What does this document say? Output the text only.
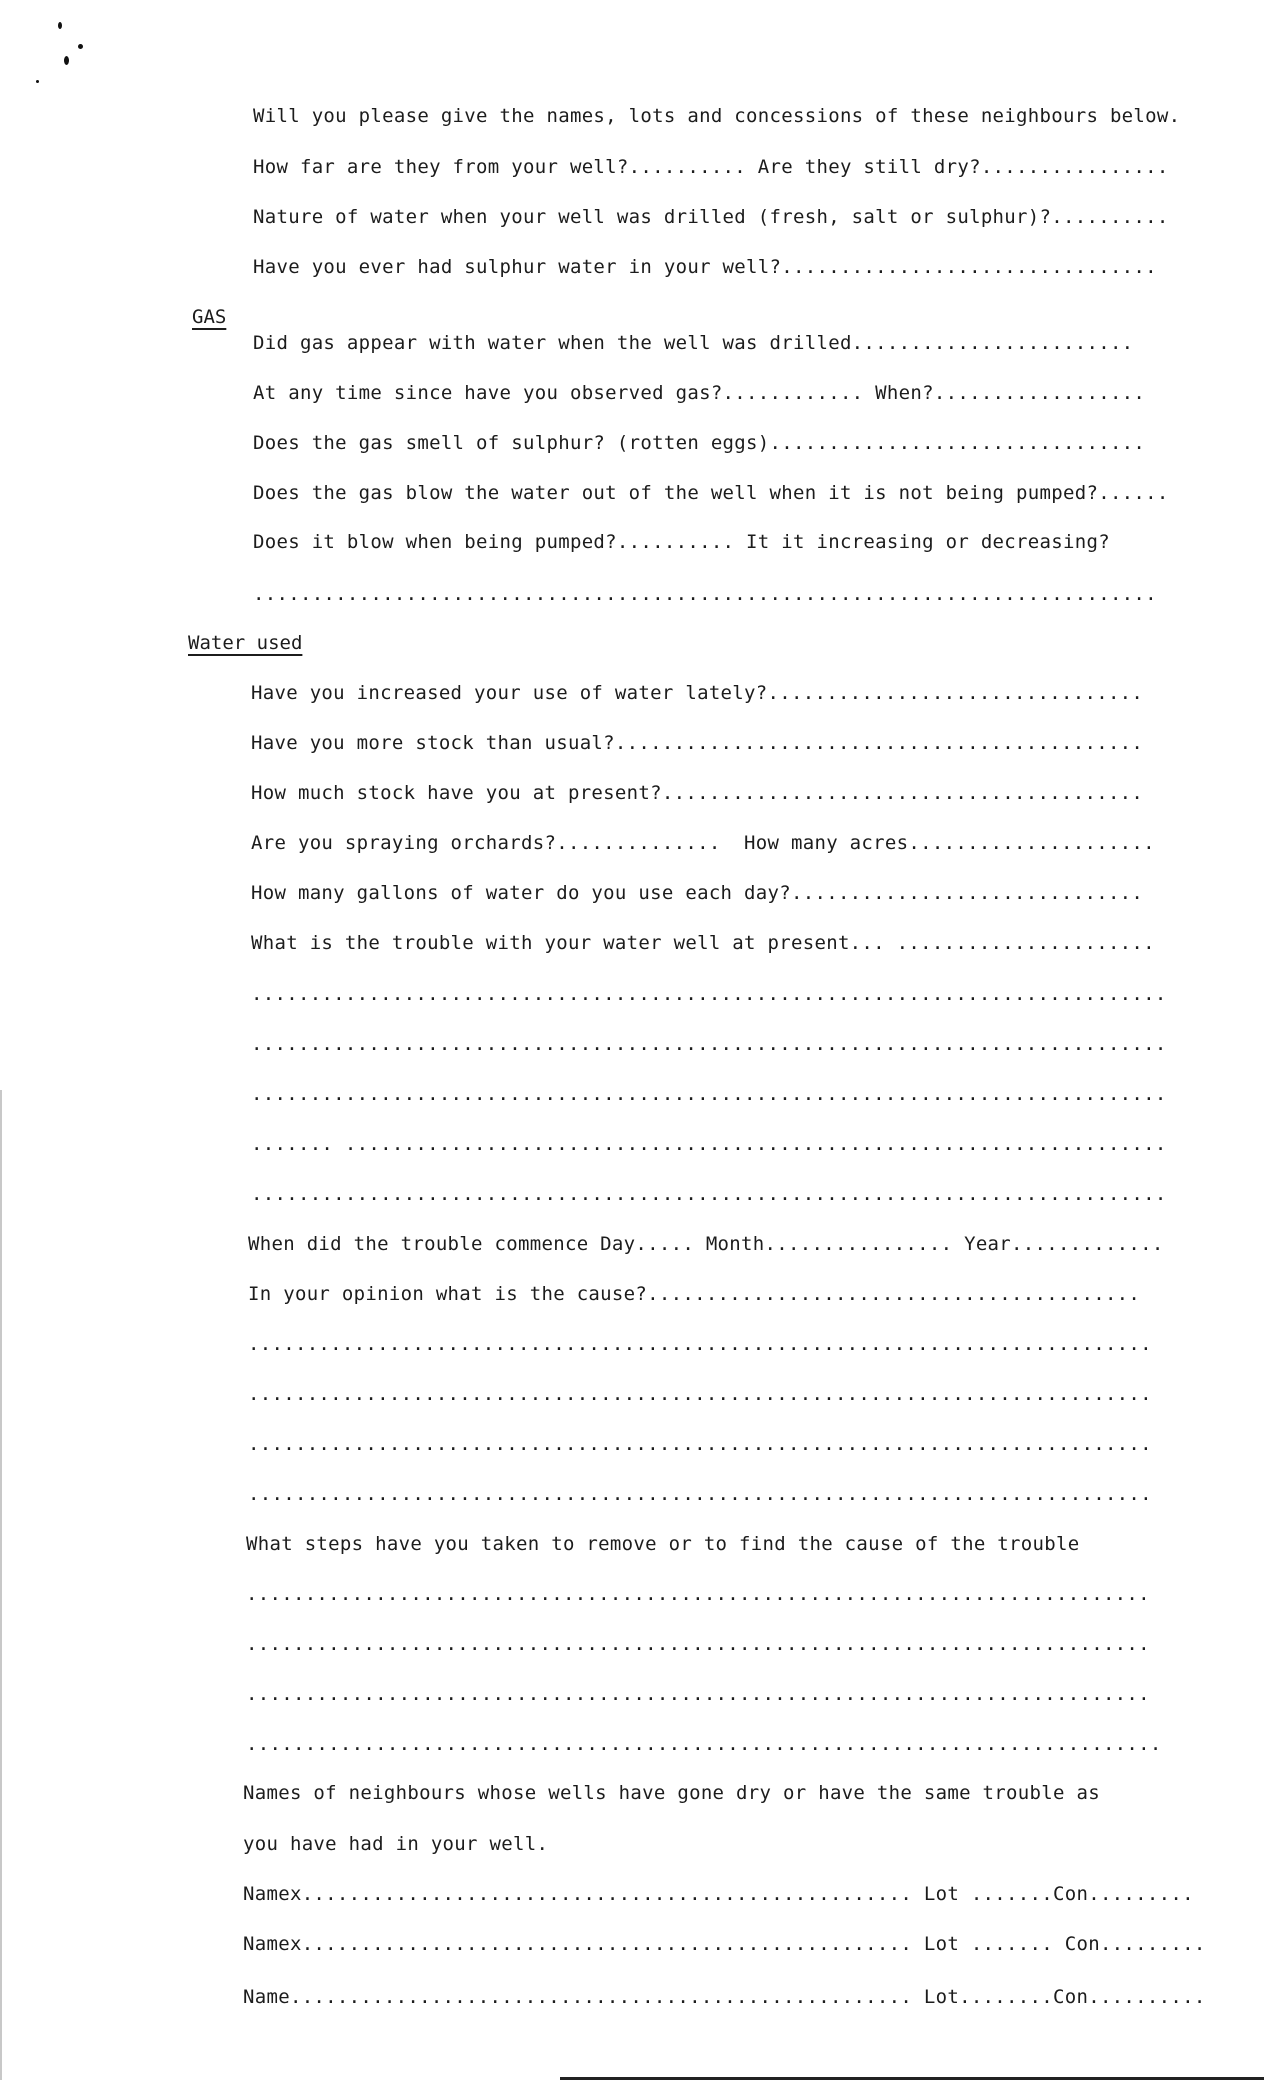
Will you please give the names, lots and concessions of these neighbours below.
How far are they from your well?.......... Are they still dry?................
Nature of water when your well was drilled (fresh, salt or sulphur)?..........
Have you ever had sulphur water in your well?................................
GAS
Did gas appear with water when the well was drilled........................
At any time since have you observed gas?............ When?..................
Does the gas smell of sulphur? (rotten eggs)................................
Does the gas blow the water out of the well when it is not being pumped?......
Does it blow when being pumped?.......... It it increasing or decreasing?
.............................................................................
Water used
Have you increased your use of water lately?................................
Have you more stock than usual?.............................................
How much stock have you at present?.........................................
Are you spraying orchards?..............  How many acres.....................
How many gallons of water do you use each day?..............................
What is the trouble with your water well at present... ......................
..............................................................................
..............................................................................
..............................................................................
....... ......................................................................
..............................................................................
When did the trouble commence Day..... Month................ Year.............
In your opinion what is the cause?..........................................
.............................................................................
.............................................................................
.............................................................................
.............................................................................
What steps have you taken to remove or to find the cause of the trouble
.............................................................................
.............................................................................
.............................................................................
..............................................................................
Names of neighbours whose wells have gone dry or have the same trouble as
you have had in your well.
Namex.................................................... Lot .......Con.........
Namex.................................................... Lot ....... Con.........
Name..................................................... Lot........Con..........
